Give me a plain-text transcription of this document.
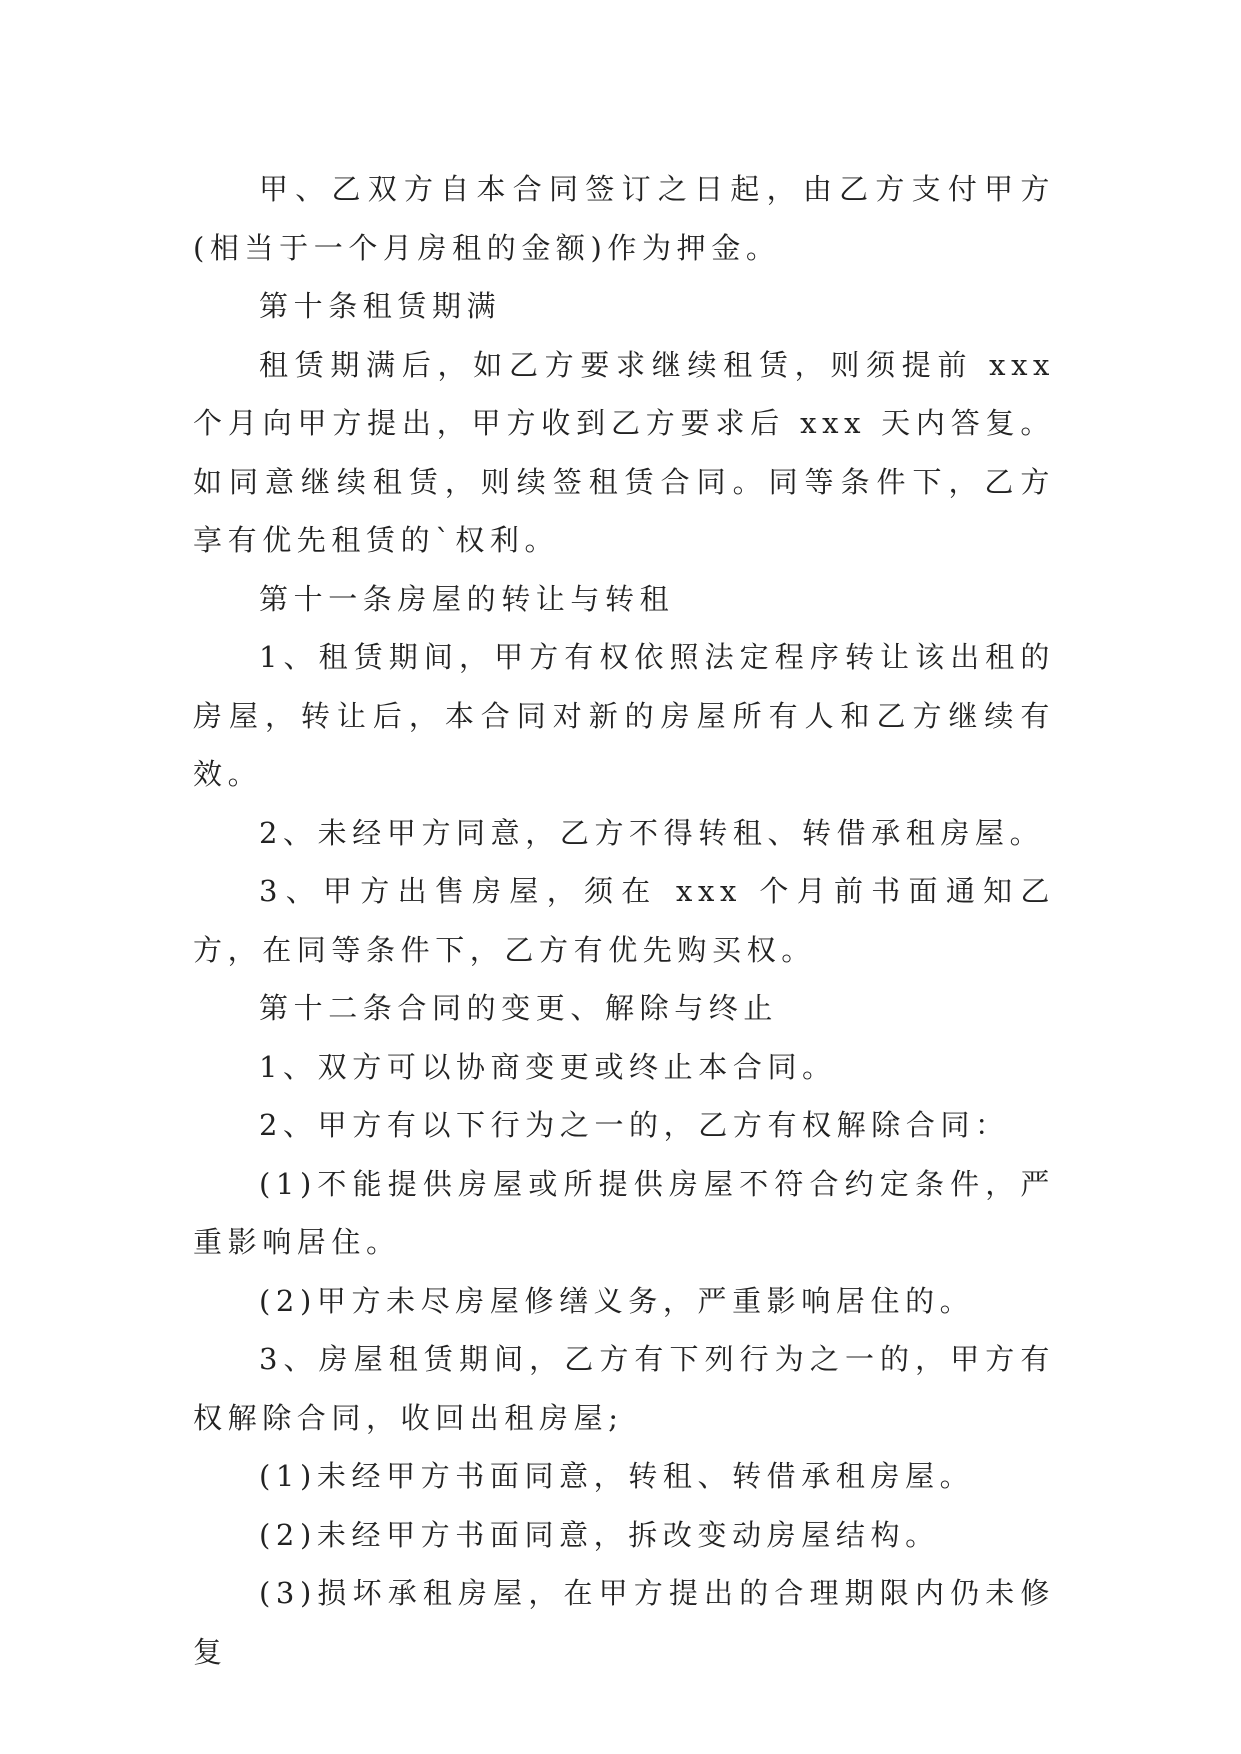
甲、乙双方自本合同签订之日起，由乙方支付甲方(相当于一个月房租的金额)作为押金。

第十条租赁期满

租赁期满后，如乙方要求继续租赁，则须提前 xxx 个月向甲方提出，甲方收到乙方要求后 xxx 天内答复。如同意继续租赁，则续签租赁合同。同等条件下，乙方享有优先租赁的`权利。

第十一条房屋的转让与转租

1、租赁期间，甲方有权依照法定程序转让该出租的房屋，转让后，本合同对新的房屋所有人和乙方继续有效。

2、未经甲方同意，乙方不得转租、转借承租房屋。

3、甲方出售房屋，须在 xxx 个月前书面通知乙方，在同等条件下，乙方有优先购买权。

第十二条合同的变更、解除与终止

1、双方可以协商变更或终止本合同。

2、甲方有以下行为之一的，乙方有权解除合同：

(1)不能提供房屋或所提供房屋不符合约定条件，严重影响居住。

(2)甲方未尽房屋修缮义务，严重影响居住的。

3、房屋租赁期间，乙方有下列行为之一的，甲方有权解除合同，收回出租房屋;

(1)未经甲方书面同意，转租、转借承租房屋。

(2)未经甲方书面同意，拆改变动房屋结构。

(3)损坏承租房屋，在甲方提出的合理期限内仍未修复
